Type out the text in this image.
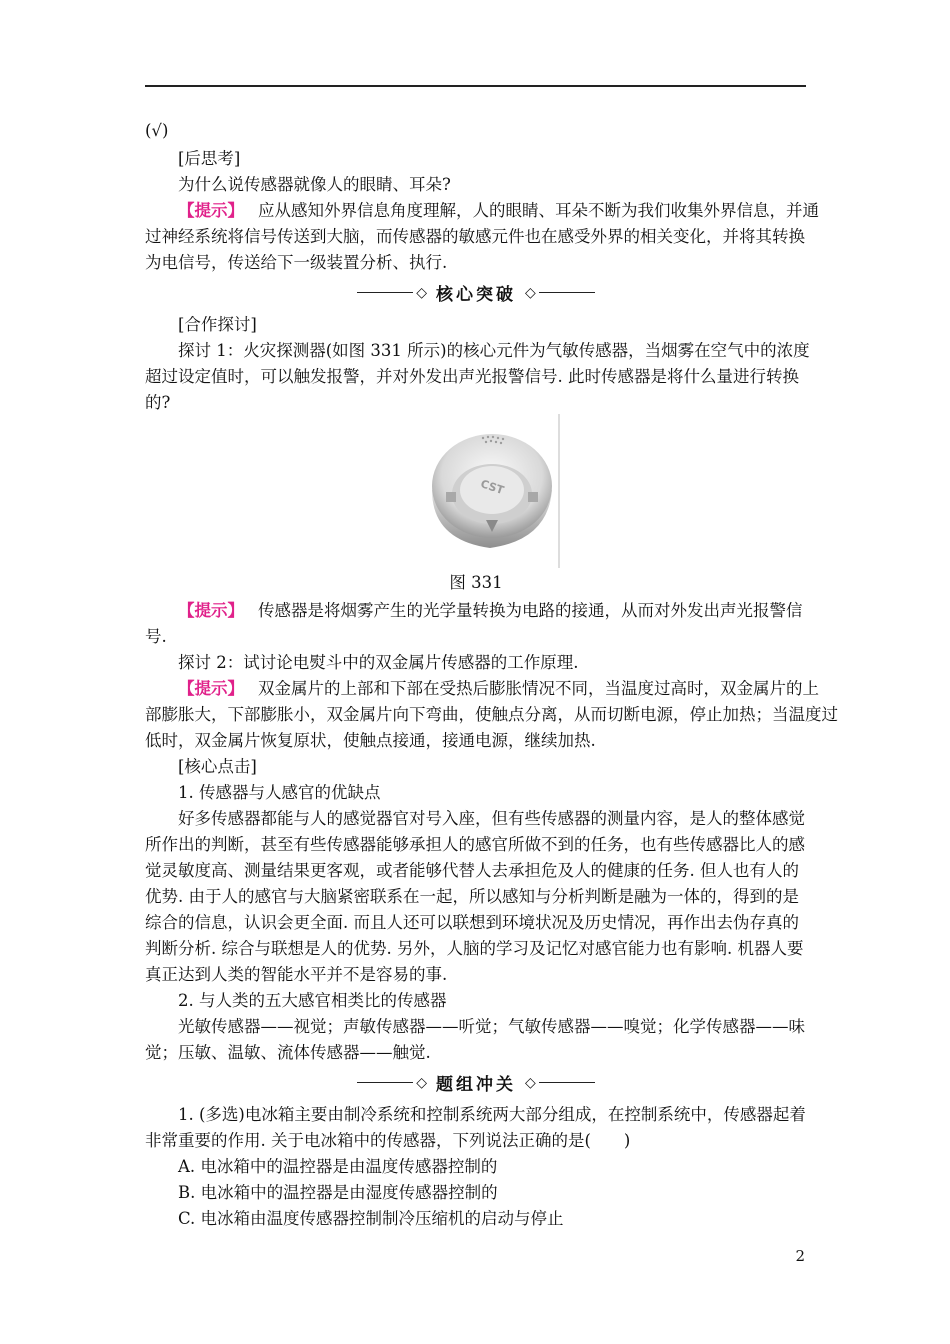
(√)
[后思考]
为什么说传感器就像人的眼睛、耳朵?
【提示】 应从感知外界信息角度理解，人的眼睛、耳朵不断为我们收集外界信息，并通
过神经系统将信号传送到大脑，而传感器的敏感元件也在感受外界的相关变化，并将其转换
为电信号，传送给下一级装置分析、执行.
◇ 核心突破 ◇
[合作探讨]
探讨 1：火灾探测器(如图 331 所示)的核心元件为气敏传感器，当烟雾在空气中的浓度
超过设定值时，可以触发报警，并对外发出声光报警信号. 此时传感器是将什么量进行转换
的?
CST
图 331
【提示】 传感器是将烟雾产生的光学量转换为电路的接通，从而对外发出声光报警信
号.
探讨 2：试讨论电熨斗中的双金属片传感器的工作原理.
【提示】 双金属片的上部和下部在受热后膨胀情况不同，当温度过高时，双金属片的上
部膨胀大，下部膨胀小，双金属片向下弯曲，使触点分离，从而切断电源，停止加热；当温度过
低时，双金属片恢复原状，使触点接通，接通电源，继续加热.
[核心点击]
1. 传感器与人感官的优缺点
好多传感器都能与人的感觉器官对号入座，但有些传感器的测量内容，是人的整体感觉
所作出的判断，甚至有些传感器能够承担人的感官所做不到的任务，也有些传感器比人的感
觉灵敏度高、测量结果更客观，或者能够代替人去承担危及人的健康的任务. 但人也有人的
优势. 由于人的感官与大脑紧密联系在一起，所以感知与分析判断是融为一体的，得到的是
综合的信息，认识会更全面. 而且人还可以联想到环境状况及历史情况，再作出去伪存真的
判断分析. 综合与联想是人的优势. 另外，人脑的学习及记忆对感官能力也有影响. 机器人要
真正达到人类的智能水平并不是容易的事.
2. 与人类的五大感官相类比的传感器
光敏传感器——视觉；声敏传感器——听觉；气敏传感器——嗅觉；化学传感器——味
觉；压敏、温敏、流体传感器——触觉.
◇ 题组冲关 ◇
1. (多选)电冰箱主要由制冷系统和控制系统两大部分组成，在控制系统中，传感器起着
非常重要的作用. 关于电冰箱中的传感器，下列说法正确的是(　　)
A. 电冰箱中的温控器是由温度传感器控制的
B. 电冰箱中的温控器是由湿度传感器控制的
C. 电冰箱由温度传感器控制制冷压缩机的启动与停止
2
